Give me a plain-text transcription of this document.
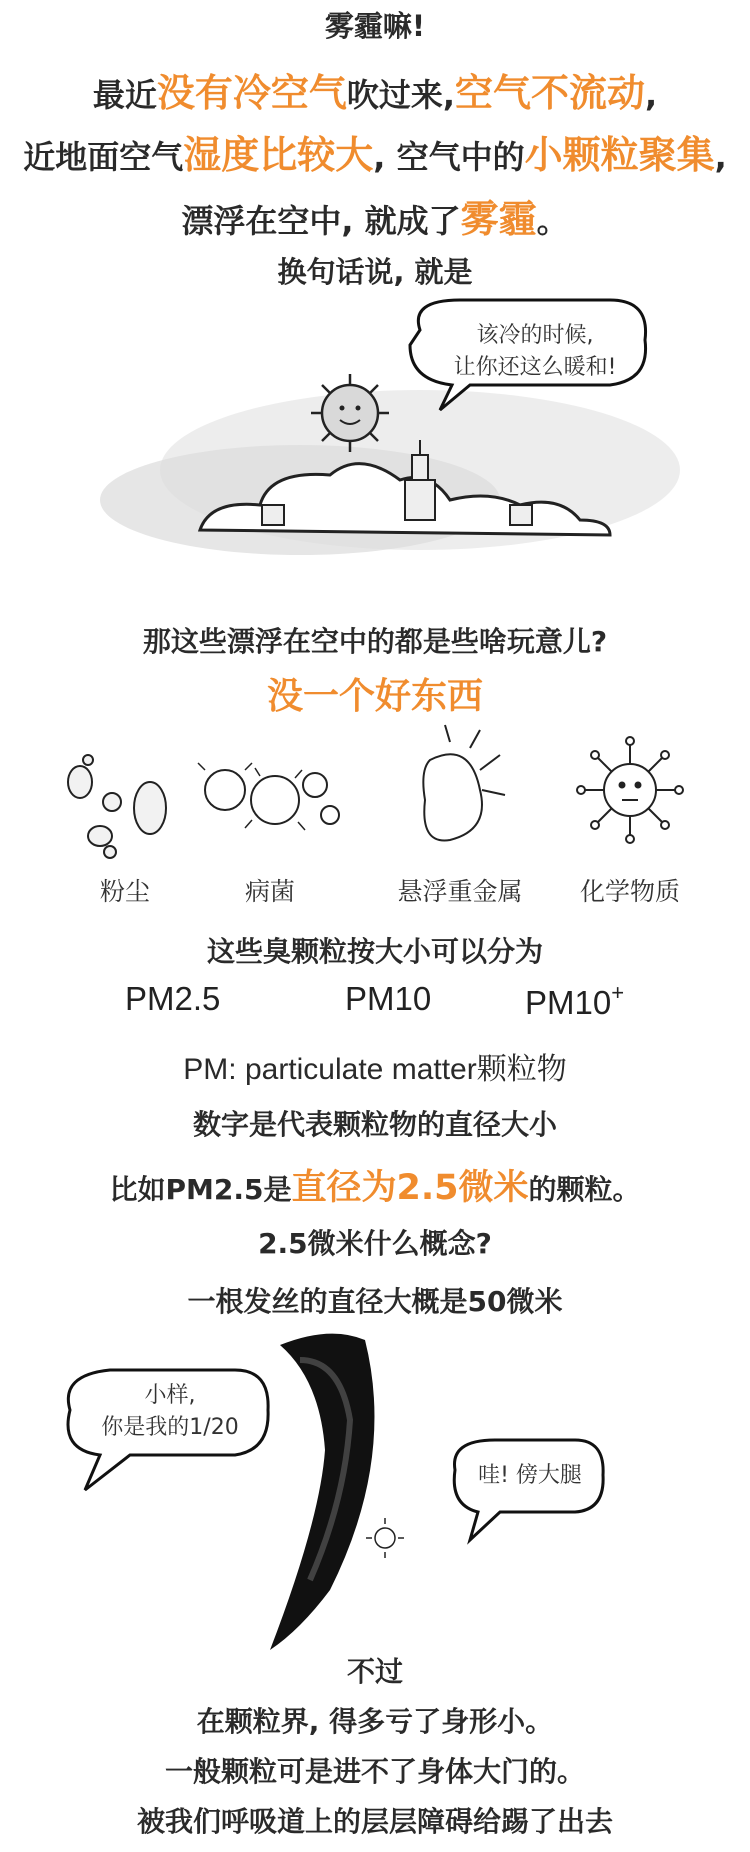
雾霾嘛!
最近没有冷空气吹过来,空气不流动,
近地面空气湿度比较大, 空气中的小颗粒聚集,
漂浮在空中, 就成了雾霾。
换句话说, 就是
该冷的时候,
让你还这么暖和!
那这些漂浮在空中的都是些啥玩意儿?
没一个好东西
粉尘	病菌	悬浮重金属	化学物质
这些臭颗粒按大小可以分为
PM2.5	PM10	PM10+
PM: particulate matter颗粒物
数字是代表颗粒物的直径大小
比如PM2.5是直径为2.5微米的颗粒。
2.5微米什么概念?
一根发丝的直径大概是50微米
小样,
你是我的1/20
哇! 傍大腿
不过
在颗粒界, 得多亏了身形小。
一般颗粒可是进不了身体大门的。
被我们呼吸道上的层层障碍给踢了出去
